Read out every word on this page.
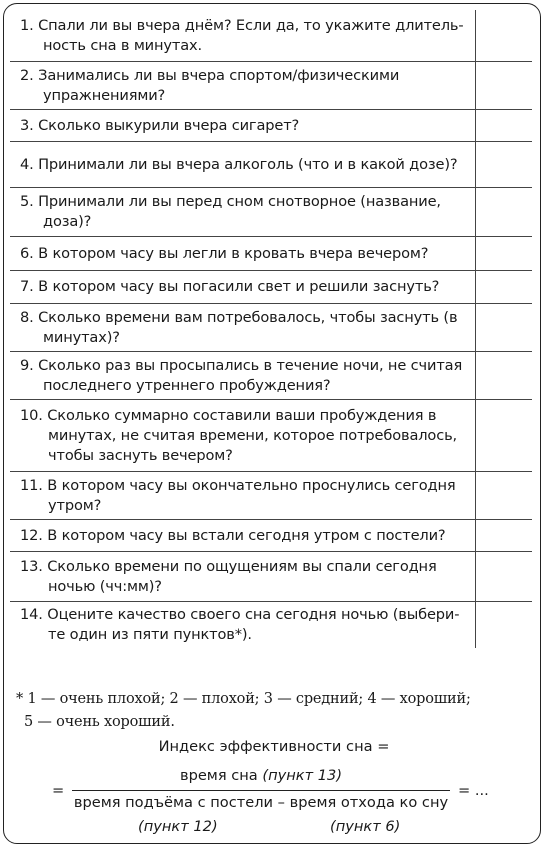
1. Спали ли вы вчера днём? Если да, то укажите длительность сна в минутах.
2. Занимались ли вы вчера спортом/физическими упражнениями?
3. Сколько выкурили вчера сигарет?
4. Принимали ли вы вчера алкоголь (что и в какой дозе)?
5. Принимали ли вы перед сном снотворное (название, доза)?
6. В котором часу вы легли в кровать вчера вечером?
7. В котором часу вы погасили свет и решили заснуть?
8. Сколько времени вам потребовалось, чтобы заснуть (в минутах)?
9. Сколько раз вы просыпались в течение ночи, не считая последнего утреннего пробуждения?
10. Сколько суммарно составили ваши пробуждения в минутах, не считая времени, которое потребовалось, чтобы заснуть вечером?
11. В котором часу вы окончательно проснулись сегодня утром?
12. В котором часу вы встали сегодня утром с постели?
13. Сколько времени по ощущениям вы спали сегодня ночью (чч:мм)?
14. Оцените качество своего сна сегодня ночью (выберите один из пяти пунктов*).
* 1 — очень плохой; 2 — плохой; 3 — средний; 4 — хороший;
5 — очень хороший.
Индекс эффективности сна =
=
время сна (пункт 13)
время подъёма с постели – время отхода ко сну
= ...
(пункт 12)	(пункт 6)
